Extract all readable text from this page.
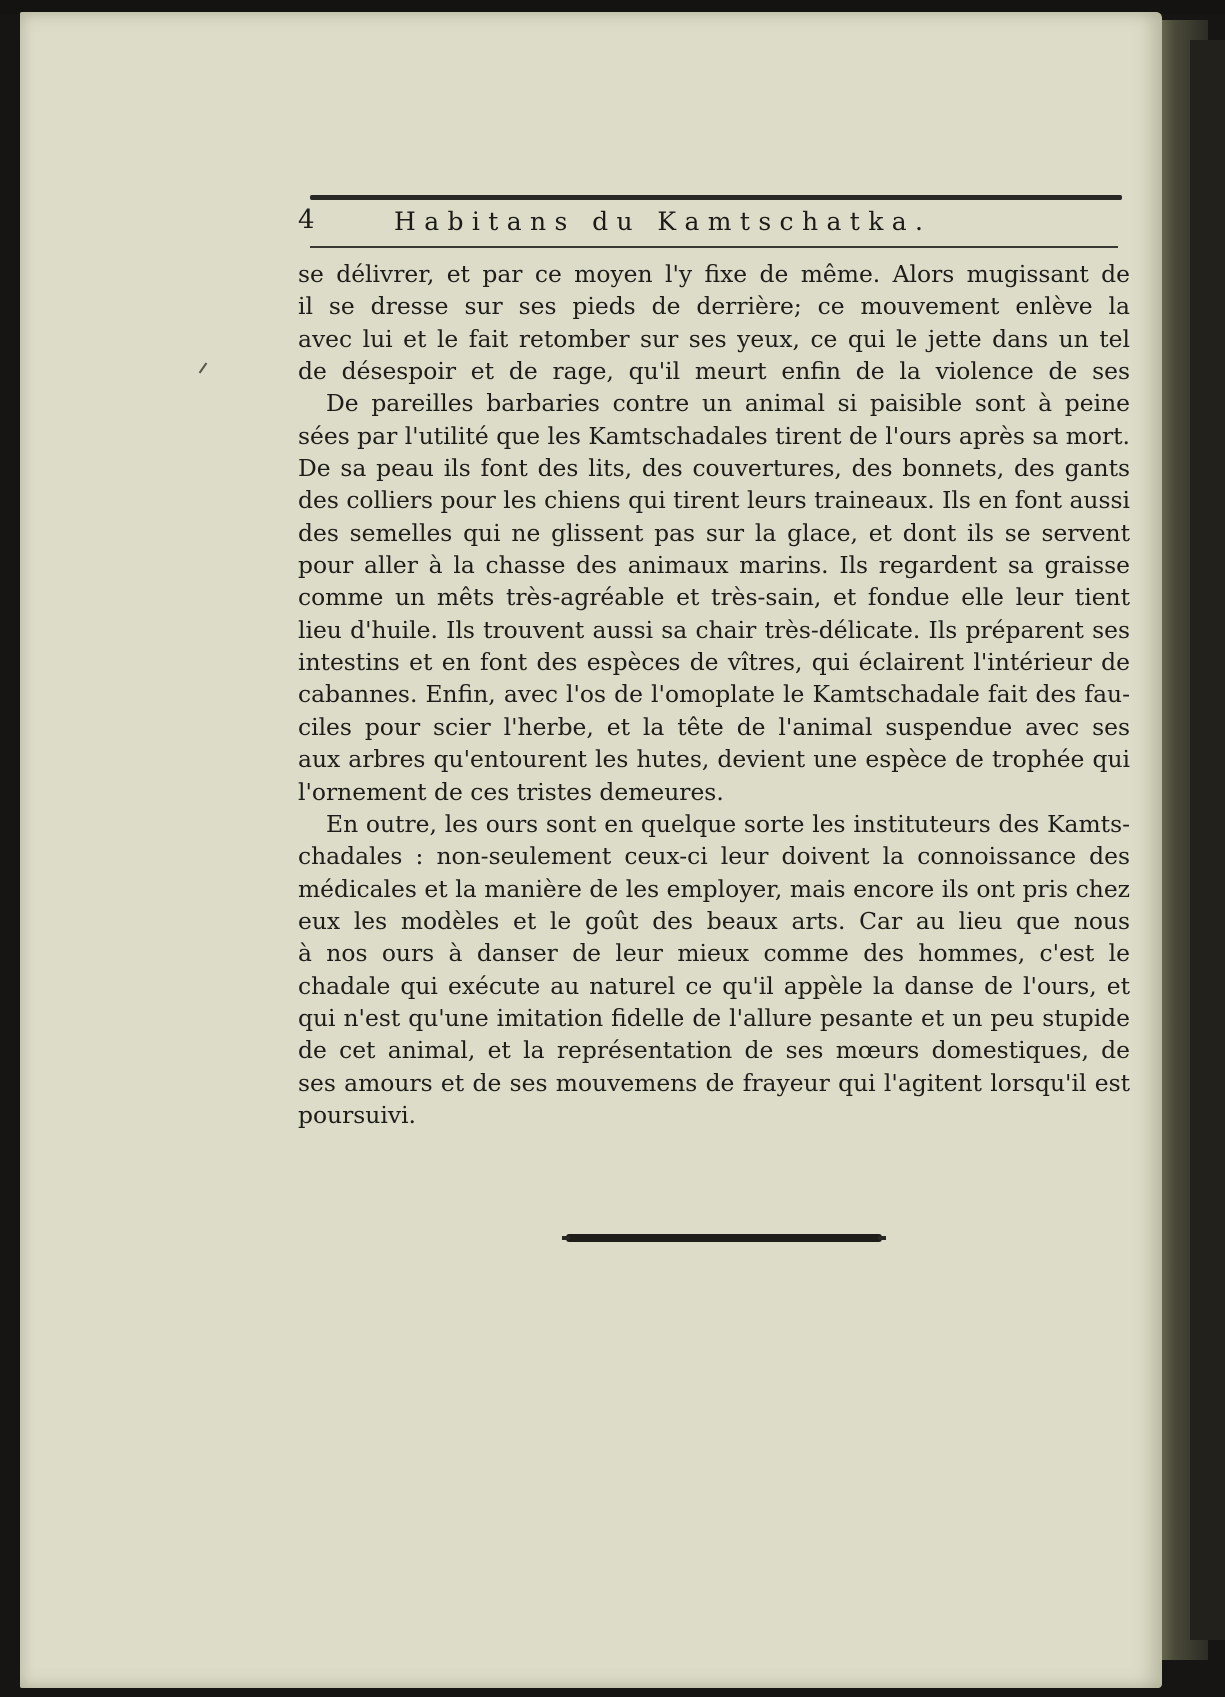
4	Habitans du Kamtschatka.
se délivrer, et par ce moyen l'y fixe de même. Alors mugissant de
il se dresse sur ses pieds de derrière; ce mouvement enlève la
avec lui et le fait retomber sur ses yeux, ce qui le jette dans un tel
de désespoir et de rage, qu'il meurt enfin de la violence de ses
De pareilles barbaries contre un animal si paisible sont à peine
sées par l'utilité que les Kamtschadales tirent de l'ours après sa mort.
De sa peau ils font des lits, des couvertures, des bonnets, des gants
des colliers pour les chiens qui tirent leurs traineaux. Ils en font aussi
des semelles qui ne glissent pas sur la glace, et dont ils se servent
pour aller à la chasse des animaux marins. Ils regardent sa graisse
comme un mêts très-agréable et très-sain, et fondue elle leur tient
lieu d'huile. Ils trouvent aussi sa chair très-délicate. Ils préparent ses
intestins et en font des espèces de vîtres, qui éclairent l'intérieur de
cabannes. Enfin, avec l'os de l'omoplate le Kamtschadale fait des fau-
ciles pour scier l'herbe, et la tête de l'animal suspendue avec ses
aux arbres qu'entourent les hutes, devient une espèce de trophée qui
l'ornement de ces tristes demeures.
En outre, les ours sont en quelque sorte les instituteurs des Kamts-
chadales : non-seulement ceux-ci leur doivent la connoissance des
médicales et la manière de les employer, mais encore ils ont pris chez
eux les modèles et le goût des beaux arts. Car au lieu que nous
à nos ours à danser de leur mieux comme des hommes, c'est le
chadale qui exécute au naturel ce qu'il appèle la danse de l'ours, et
qui n'est qu'une imitation fidelle de l'allure pesante et un peu stupide
de cet animal, et la représentation de ses mœurs domestiques, de
ses amours et de ses mouvemens de frayeur qui l'agitent lorsqu'il est
poursuivi.
